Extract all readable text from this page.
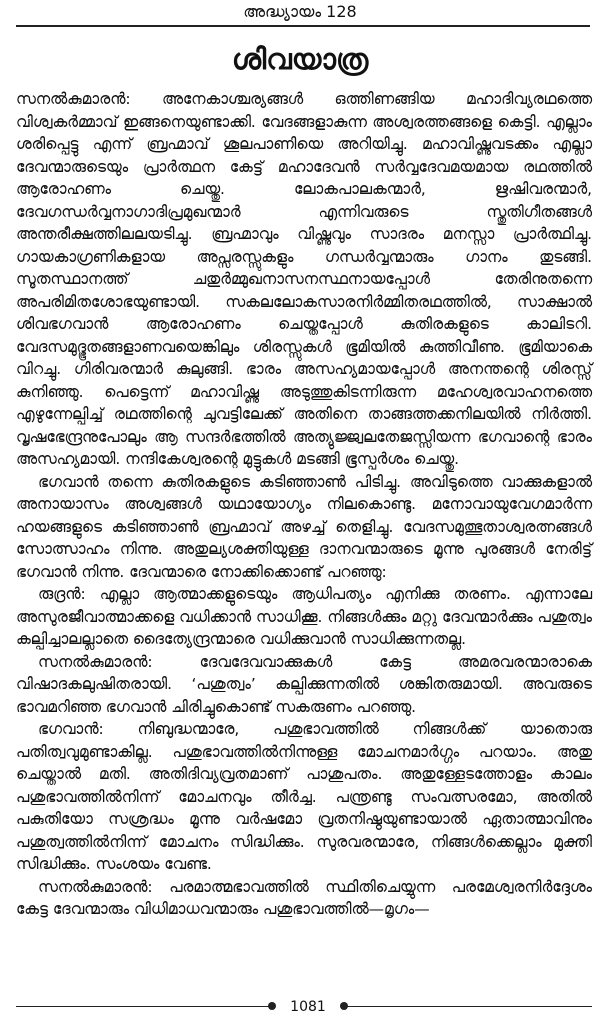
അദ്ധ്യായം 128
ശിവയാത്ര

സനൽകുമാരൻ: അനേകാശ്ചര്യങ്ങൾ ഒത്തിണങ്ങിയ മഹാദിവ്യരഥത്തെ വിശ്വകർമ്മാവ് ഇങ്ങനെയുണ്ടാക്കി. വേദങ്ങളാകുന്ന അശ്വരത്തങ്ങളെ കെട്ടി. എല്ലാം ശരിപ്പെട്ടു എന്ന് ബ്രഹ്മാവ് ശൂലപാണിയെ അറിയിച്ചു. മഹാവിഷ്ണുവടക്കം എല്ലാ ദേവന്മാരുടെയും പ്രാർത്ഥന കേട്ട് മഹാദേവൻ സർവ്വദേവമയമായ രഥത്തിൽ ആരോഹണം ചെയ്തു. ലോകപാലകന്മാർ, ഋഷിവരന്മാർ, ദേവഗന്ധർവ്വനാഗാദിപ്രമുഖന്മാർ എന്നിവരുടെ സ്തുതിഗീതങ്ങൾ അന്തരീക്ഷത്തിലലയടിച്ചു. ബ്രഹ്മാവും വിഷ്ണുവും സാദരം മനസ്സാ പ്രാർത്ഥിച്ചു. ഗായകാഗ്രണികളായ അപ്സരസ്സുകളും ഗന്ധർവ്വന്മാരും ഗാനം തുടങ്ങി. സൂതസ്ഥാനത്ത് ചതുർമ്മുഖനാസനസ്ഥനായപ്പോൾ തേരിനുതന്നെ അപരിമിതശോഭയുണ്ടായി. സകലലോകസാരനിർമ്മിതരഥത്തിൽ, സാക്ഷാൽ ശിവഭഗവാൻ ആരോഹണം ചെയ്തപ്പോൾ കുതിരകളുടെ കാലിടറി. വേദസമുദ്ഭൂതങ്ങളാണവയെങ്കിലും ശിരസ്സുകൾ ഭൂമിയിൽ കുത്തിവീണു. ഭൂമിയാകെ വിറച്ചു. ഗിരിവരന്മാർ കുലുങ്ങി. ഭാരം അസഹ്യമായപ്പോൾ അനന്തന്റെ ശിരസ്സ് കുനിഞ്ഞു. പെട്ടെന്ന് മഹാവിഷ്ണു അടുത്തുകിടന്നിരുന്ന മഹേശ്വരവാഹനത്തെ എഴുന്നേല്പിച്ച് രഥത്തിന്റെ ചുവട്ടിലേക്ക് അതിനെ താങ്ങത്തക്കനിലയിൽ നിർത്തി. വൃഷഭേന്ദ്രനുപോലും ആ സന്ദർഭത്തിൽ അത്യുജ്ജ്വലതേജസ്സിയന്ന ഭഗവാന്റെ ഭാരം അസഹ്യമായി. നന്ദികേശ്വരന്റെ മുട്ടുകൾ മടങ്ങി ഭൂസ്പർശം ചെയ്തു.

ഭഗവാൻ തന്നെ കുതിരകളുടെ കടിഞ്ഞാൺ പിടിച്ചു. അവിടുത്തെ വാക്കുകളാൽ അനായാസം അശ്വങ്ങൾ യഥായോഗ്യം നിലകൊണ്ടു. മനോവായുവേഗമാർന്ന ഹയങ്ങളുടെ കടിഞ്ഞാൺ ബ്രഹ്മാവ് അഴച്ച് തെളിച്ചു. വേദസമുത്ഭുതാശ്വരത്നങ്ങൾ സോത്സാഹം നിന്നു. അതുല്യശക്തിയുള്ള ദാനവന്മാരുടെ മൂന്നു പുരങ്ങൾ നേരിട്ട് ഭഗവാൻ നിന്നു. ദേവന്മാരെ നോക്കിക്കൊണ്ട് പറഞ്ഞു:

രുദ്രൻ: എല്ലാ ആത്മാക്കളുടെയും ആധിപത്യം എനിക്കു തരണം. എന്നാലേ അസുരജീവാത്മാക്കളെ വധിക്കാൻ സാധിക്കൂ. നിങ്ങൾക്കും മറ്റു ദേവന്മാർക്കും പശുത്വം കല്പിച്ചാലല്ലാതെ ദൈത്യേന്ദ്രന്മാരെ വധിക്കുവാൻ സാധിക്കുന്നതല്ല.

സനൽകുമാരൻ: ദേവദേവവാക്കുകൾ കേട്ട അമരവരന്മാരാകെ വിഷാദകലുഷിതരായി. ‘പശുത്വം’ കല്പിക്കുന്നതിൽ ശങ്കിതരുമായി. അവരുടെ ഭാവമറിഞ്ഞ ഭഗവാൻ ചിരിച്ചുകൊണ്ട് സകരുണം പറഞ്ഞു.

ഭഗവാൻ: നിബുദ്ധന്മാരേ, പശുഭാവത്തിൽ നിങ്ങൾക്ക് യാതൊരു പതിത്വവുമുണ്ടാകില്ല. പശുഭാവത്തിൽനിന്നുള്ള മോചനമാർഗ്ഗം പറയാം. അതു ചെയ്താൽ മതി. അതിദിവ്യവ്രതമാണ് പാശുപതം. അതുള്ളേടത്തോളം കാലം പശുഭാവത്തിൽനിന്ന് മോചനവും തീർച്ച. പന്ത്രണ്ടു സംവത്സരമോ, അതിൽ പകുതിയോ സശ്രദ്ധം മൂന്നു വർഷമോ വ്രതനിഷ്ഠയുണ്ടായാൽ ഏതാത്മാവിനും പശുത്വത്തിൽനിന്ന് മോചനം സിദ്ധിക്കും. സുരവരന്മാരേ, നിങ്ങൾക്കെല്ലാം മുക്തി സിദ്ധിക്കും. സംശയം വേണ്ട.

സനൽകുമാരൻ: പരമാത്മഭാവത്തിൽ സ്ഥിതിചെയ്യുന്ന പരമേശ്വരനിർദ്ദേശം കേട്ട ദേവന്മാരും വിധിമാധവന്മാരും പശുഭാവത്തിൽ—മൃഗം—

1081
